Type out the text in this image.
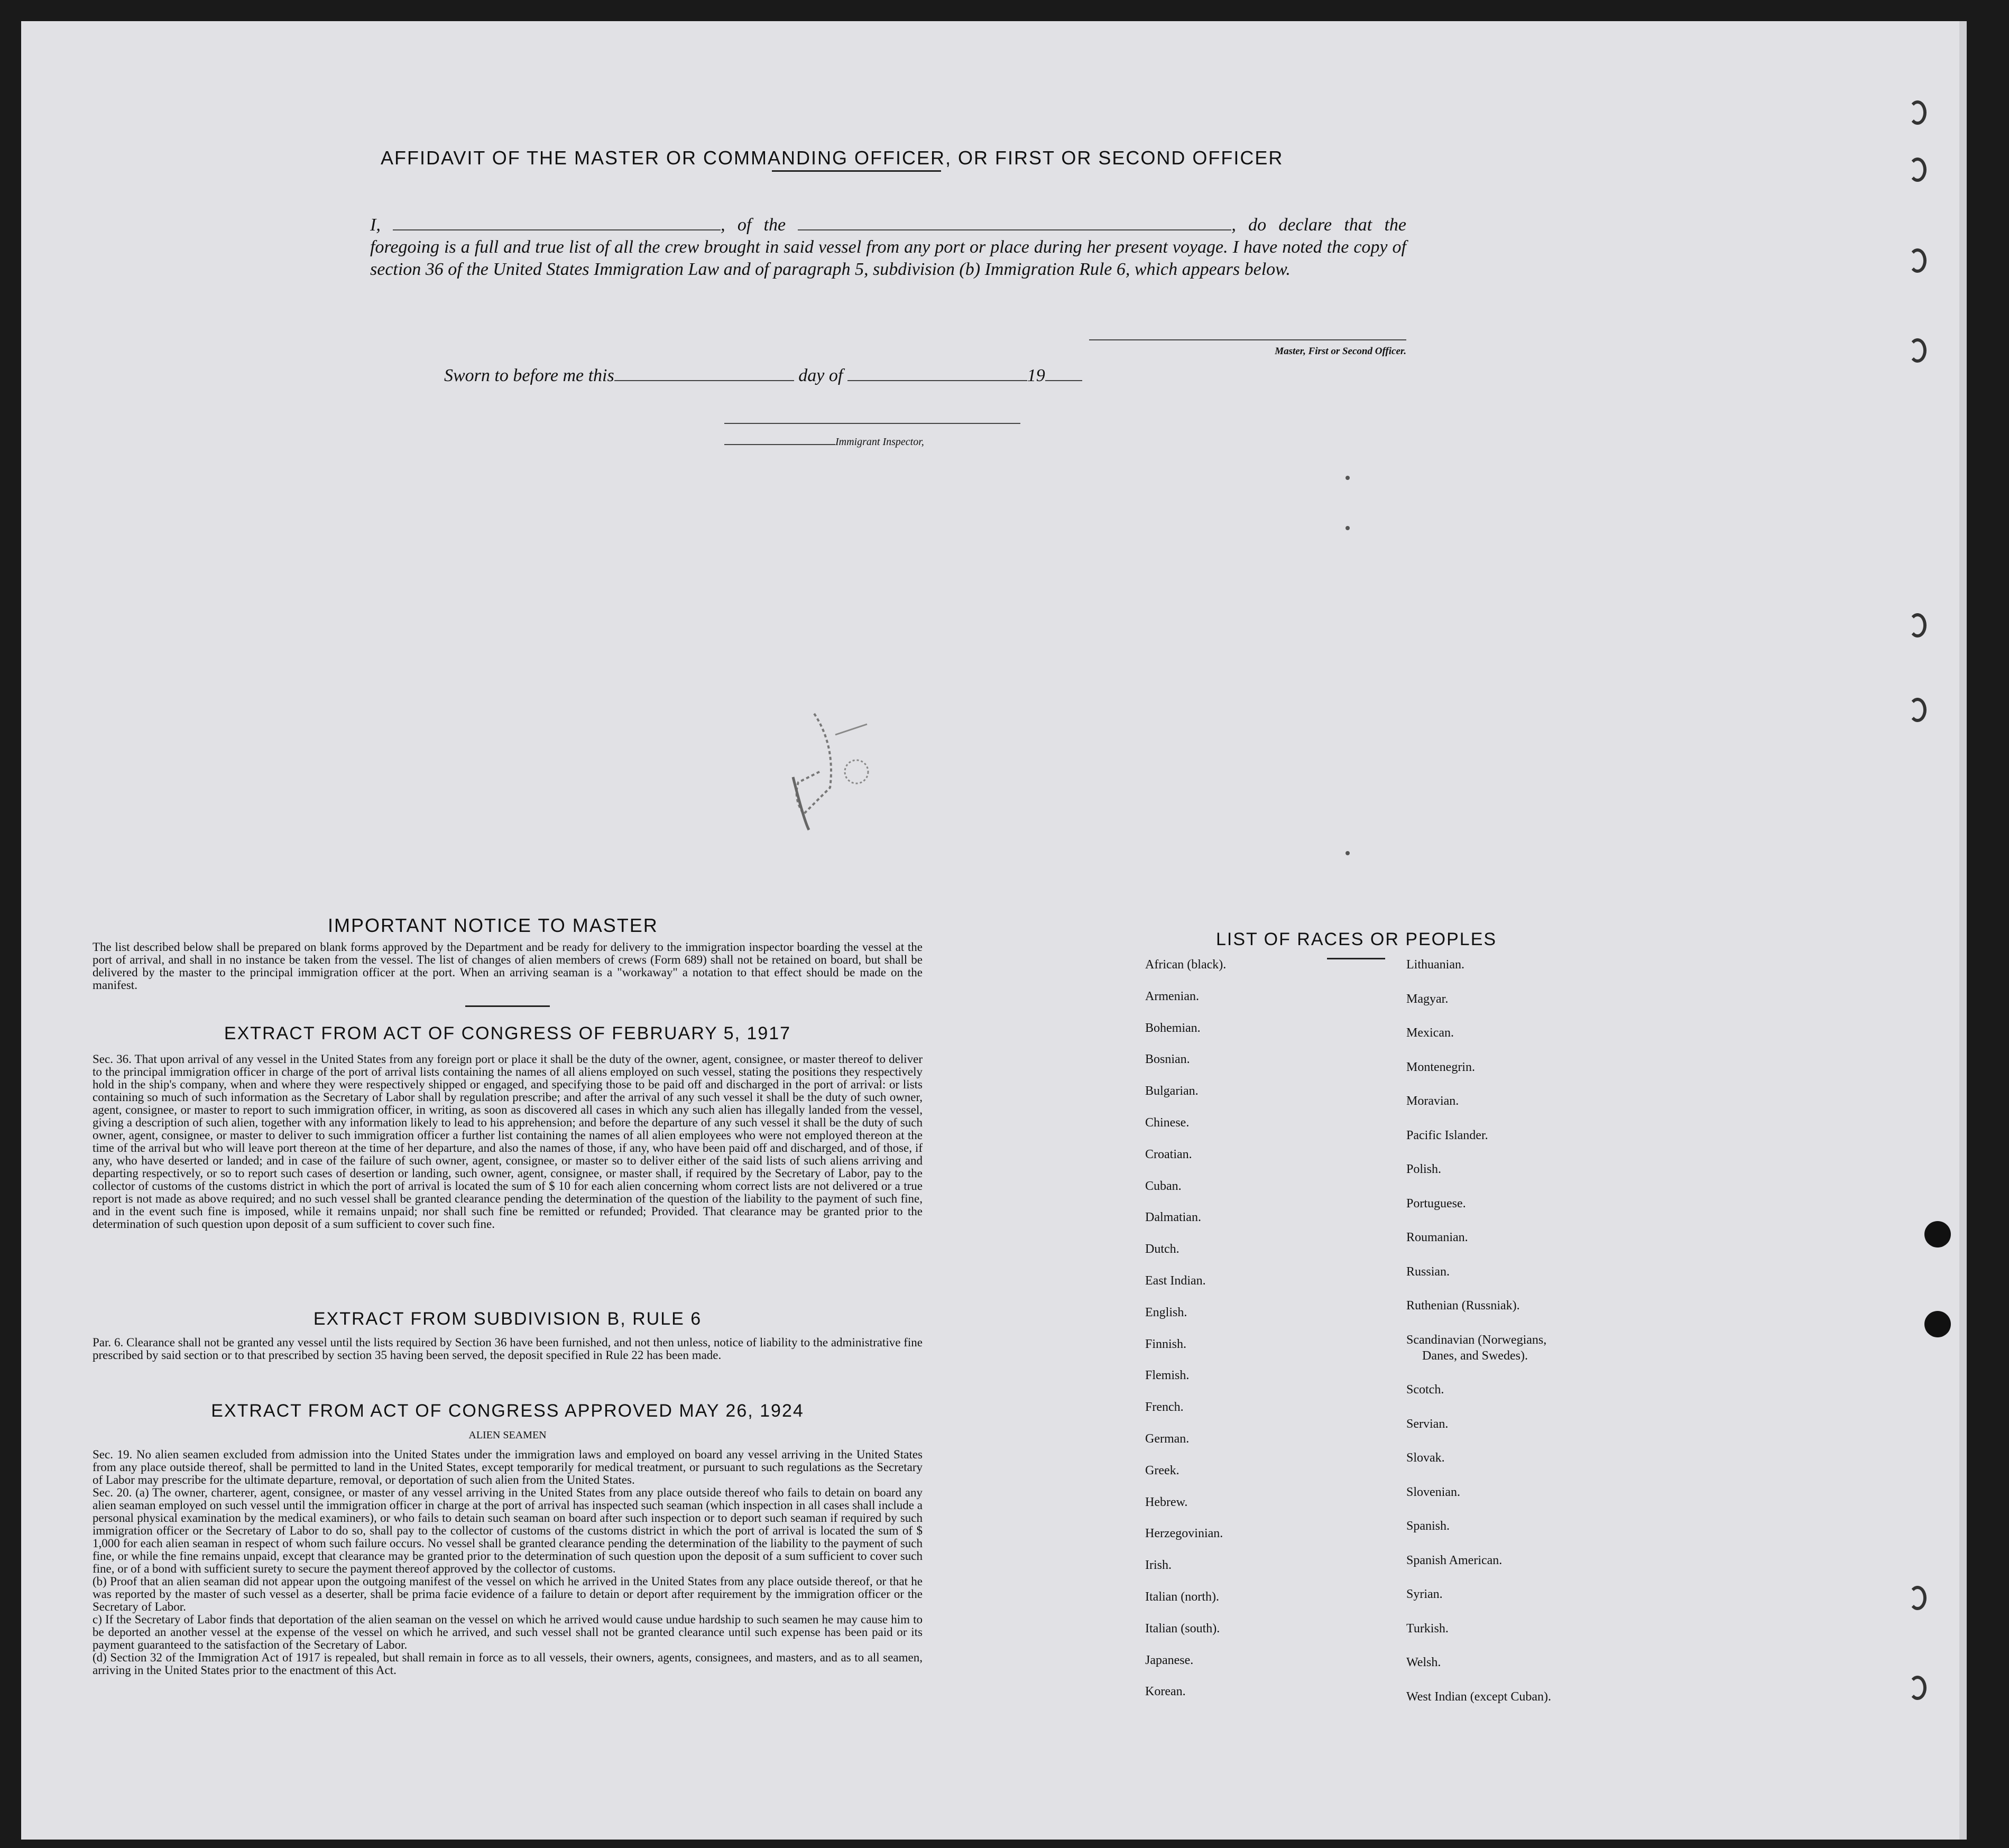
AFFIDAVIT OF THE MASTER OR COMMANDING OFFICER, OR FIRST OR SECOND OFFICER
I,	, of the	, do declare that the foregoing is a full and true list of all the crew brought in said vessel from any port or place during her present voyage. I have noted the copy of section 36 of the United States Immigration Law and of paragraph 5, subdivision (b) Immigration Rule 6, which appears below.
Master, First or Second Officer.
Sworn to before me this	day of	19
Immigrant Inspector,
IMPORTANT NOTICE TO MASTER
The list described below shall be prepared on blank forms approved by the Department and be ready for delivery to the immigration inspector boarding the vessel at the port of arrival, and shall in no instance be taken from the vessel. The list of changes of alien members of crews (Form 689) shall not be retained on board, but shall be delivered by the master to the principal immigration officer at the port. When an arriving seaman is a "workaway" a notation to that effect should be made on the manifest.
EXTRACT FROM ACT OF CONGRESS OF FEBRUARY 5, 1917
Sec. 36. That upon arrival of any vessel in the United States from any foreign port or place it shall be the duty of the owner, agent, consignee, or master thereof to deliver to the principal immigration officer in charge of the port of arrival lists containing the names of all aliens employed on such vessel, stating the positions they respectively hold in the ship's company, when and where they were respectively shipped or engaged, and specifying those to be paid off and discharged in the port of arrival: or lists containing so much of such information as the Secretary of Labor shall by regulation prescribe; and after the arrival of any such vessel it shall be the duty of such owner, agent, consignee, or master to report to such immigration officer, in writing, as soon as discovered all cases in which any such alien has illegally landed from the vessel, giving a description of such alien, together with any information likely to lead to his apprehension; and before the departure of any such vessel it shall be the duty of such owner, agent, consignee, or master to deliver to such immigration officer a further list containing the names of all alien employees who were not employed thereon at the time of the arrival but who will leave port thereon at the time of her departure, and also the names of those, if any, who have been paid off and discharged, and of those, if any, who have deserted or landed; and in case of the failure of such owner, agent, consignee, or master so to deliver either of the said lists of such aliens arriving and departing respectively, or so to report such cases of desertion or landing, such owner, agent, consignee, or master shall, if required by the Secretary of Labor, pay to the collector of customs of the customs district in which the port of arrival is located the sum of $ 10 for each alien concerning whom correct lists are not delivered or a true report is not made as above required; and no such vessel shall be granted clearance pending the determination of the question of the liability to the payment of such fine, and in the event such fine is imposed, while it remains unpaid; nor shall such fine be remitted or refunded; Provided. That clearance may be granted prior to the determination of such question upon deposit of a sum sufficient to cover such fine.
EXTRACT FROM SUBDIVISION B, RULE 6
Par. 6. Clearance shall not be granted any vessel until the lists required by Section 36 have been furnished, and not then unless, notice of liability to the administrative fine prescribed by said section or to that prescribed by section 35 having been served, the deposit specified in Rule 22 has been made.
EXTRACT FROM ACT OF CONGRESS APPROVED MAY 26, 1924
ALIEN SEAMEN
Sec. 19. No alien seamen excluded from admission into the United States under the immigration laws and employed on board any vessel arriving in the United States from any place outside thereof, shall be permitted to land in the United States, except temporarily for medical treatment, or pursuant to such regulations as the Secretary of Labor may prescribe for the ultimate departure, removal, or deportation of such alien from the United States.
Sec. 20. (a) The owner, charterer, agent, consignee, or master of any vessel arriving in the United States from any place outside thereof who fails to detain on board any alien seaman employed on such vessel until the immigration officer in charge at the port of arrival has inspected such seaman (which inspection in all cases shall include a personal physical examination by the medical examiners), or who fails to detain such seaman on board after such inspection or to deport such seaman if required by such immigration officer or the Secretary of Labor to do so, shall pay to the collector of customs of the customs district in which the port of arrival is located the sum of $ 1,000 for each alien seaman in respect of whom such failure occurs. No vessel shall be granted clearance pending the determination of the liability to the payment of such fine, or while the fine remains unpaid, except that clearance may be granted prior to the determination of such question upon the deposit of a sum sufficient to cover such fine, or of a bond with sufficient surety to secure the payment thereof approved by the collector of customs.
(b) Proof that an alien seaman did not appear upon the outgoing manifest of the vessel on which he arrived in the United States from any place outside thereof, or that he was reported by the master of such vessel as a deserter, shall be prima facie evidence of a failure to detain or deport after requirement by the immigration officer or the Secretary of Labor.
c) If the Secretary of Labor finds that deportation of the alien seaman on the vessel on which he arrived would cause undue hardship to such seamen he may cause him to be deported an another vessel at the expense of the vessel on which he arrived, and such vessel shall not be granted clearance until such expense has been paid or its payment guaranteed to the satisfaction of the Secretary of Labor.
(d) Section 32 of the Immigration Act of 1917 is repealed, but shall remain in force as to all vessels, their owners, agents, consignees, and masters, and as to all seamen, arriving in the United States prior to the enactment of this Act.
LIST OF RACES OR PEOPLES
African (black).
Armenian.
Bohemian.
Bosnian.
Bulgarian.
Chinese.
Croatian.
Cuban.
Dalmatian.
Dutch.
East Indian.
English.
Finnish.
Flemish.
French.
German.
Greek.
Hebrew.
Herzegovinian.
Irish.
Italian (north).
Italian (south).
Japanese.
Korean.
Lithuanian.
Magyar.
Mexican.
Montenegrin.
Moravian.
Pacific Islander.
Polish.
Portuguese.
Roumanian.
Russian.
Ruthenian (Russniak).
Scandinavian (Norwegians,
Danes, and Swedes).
Scotch.
Servian.
Slovak.
Slovenian.
Spanish.
Spanish American.
Syrian.
Turkish.
Welsh.
West Indian (except Cuban).
